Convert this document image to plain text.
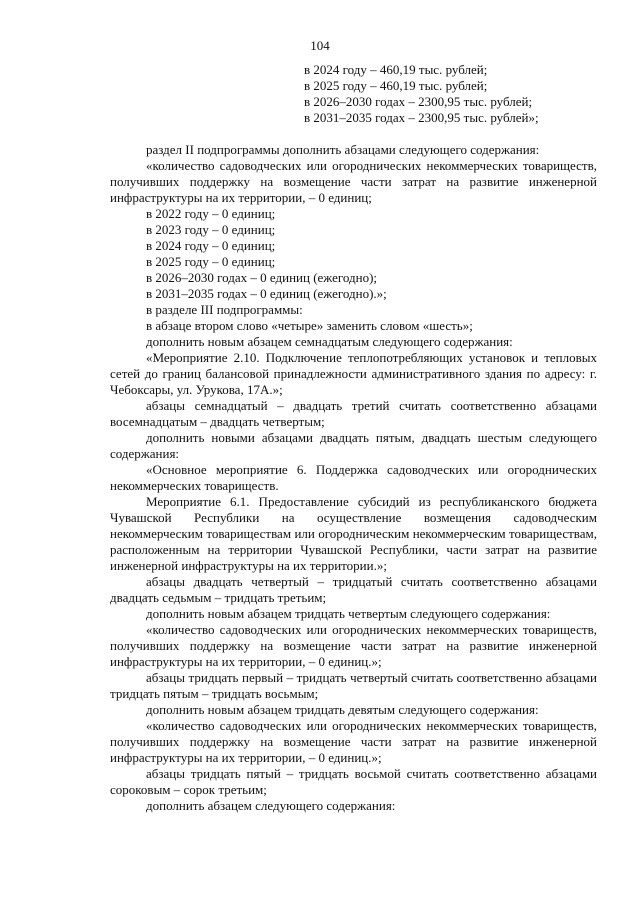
104
в 2024 году – 460,19 тыс. рублей;
в 2025 году – 460,19 тыс. рублей;
в 2026–2030 годах – 2300,95 тыс. рублей;
в 2031–2035 годах – 2300,95 тыс. рублей»;

раздел II подпрограммы дополнить абзацами следующего содержания:

«количество садоводческих или огороднических некоммерческих товариществ, получивших поддержку на возмещение части затрат на развитие инженерной инфраструктуры на их территории, – 0 единиц;

в 2022 году – 0 единиц;

в 2023 году – 0 единиц;

в 2024 году – 0 единиц;

в 2025 году – 0 единиц;

в 2026–2030 годах – 0 единиц (ежегодно);

в 2031–2035 годах – 0 единиц (ежегодно).»;

в разделе III подпрограммы:

в абзаце втором слово «четыре» заменить словом «шесть»;

дополнить новым абзацем семнадцатым следующего содержания:

«Мероприятие 2.10. Подключение теплопотребляющих установок и тепловых сетей до границ балансовой принадлежности административного здания по адресу: г. Чебоксары, ул. Урукова, 17А.»;

абзацы семнадцатый – двадцать третий считать соответственно абзацами восемнадцатым – двадцать четвертым;

дополнить новыми абзацами двадцать пятым, двадцать шестым следующего содержания:

«Основное мероприятие 6. Поддержка садоводческих или огороднических некоммерческих товариществ.

Мероприятие 6.1. Предоставление субсидий из республиканского бюджета Чувашской Республики на осуществление возмещения садоводческим некоммерческим товариществам или огородническим некоммерческим товариществам, расположенным на территории Чувашской Республики, части затрат на развитие инженерной инфраструктуры на их территории.»;

абзацы двадцать четвертый – тридцатый считать соответственно абзацами двадцать седьмым – тридцать третьим;

дополнить новым абзацем тридцать четвертым следующего содержания:

«количество садоводческих или огороднических некоммерческих товариществ, получивших поддержку на возмещение части затрат на развитие инженерной инфраструктуры на их территории, – 0 единиц.»;

абзацы тридцать первый – тридцать четвертый считать соответственно абзацами тридцать пятым – тридцать восьмым;

дополнить новым абзацем тридцать девятым следующего содержания:

«количество садоводческих или огороднических некоммерческих товариществ, получивших поддержку на возмещение части затрат на развитие инженерной инфраструктуры на их территории, – 0 единиц.»;

абзацы тридцать пятый – тридцать восьмой считать соответственно абзацами сороковым – сорок третьим;

дополнить абзацем следующего содержания:
